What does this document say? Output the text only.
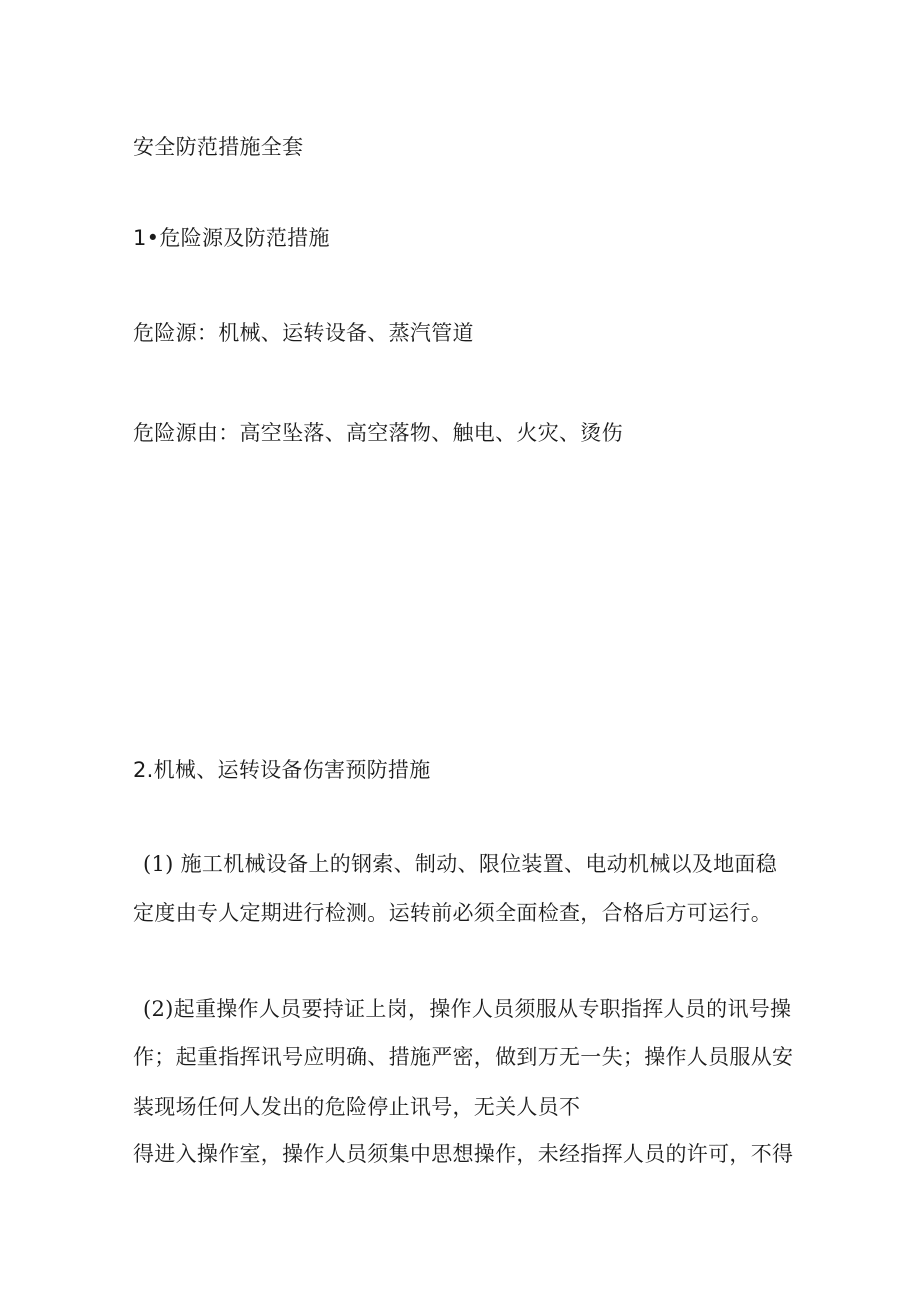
安全防范措施全套
1•危险源及防范措施
危险源：机械、运转设备、蒸汽管道
危险源由：高空坠落、高空落物、触电、火灾、烫伤
2.机械、运转设备伤害预防措施
(1) 施工机械设备上的钢索、制动、限位装置、电动机械以及地面稳
定度由专人定期进行检测。运转前必须全面检查，合格后方可运行。
(2)起重操作人员要持证上岗，操作人员须服从专职指挥人员的讯号操
作；起重指挥讯号应明确、措施严密，做到万无一失；操作人员服从安
装现场任何人发出的危险停止讯号，无关人员不
得进入操作室，操作人员须集中思想操作，未经指挥人员的许可，不得
